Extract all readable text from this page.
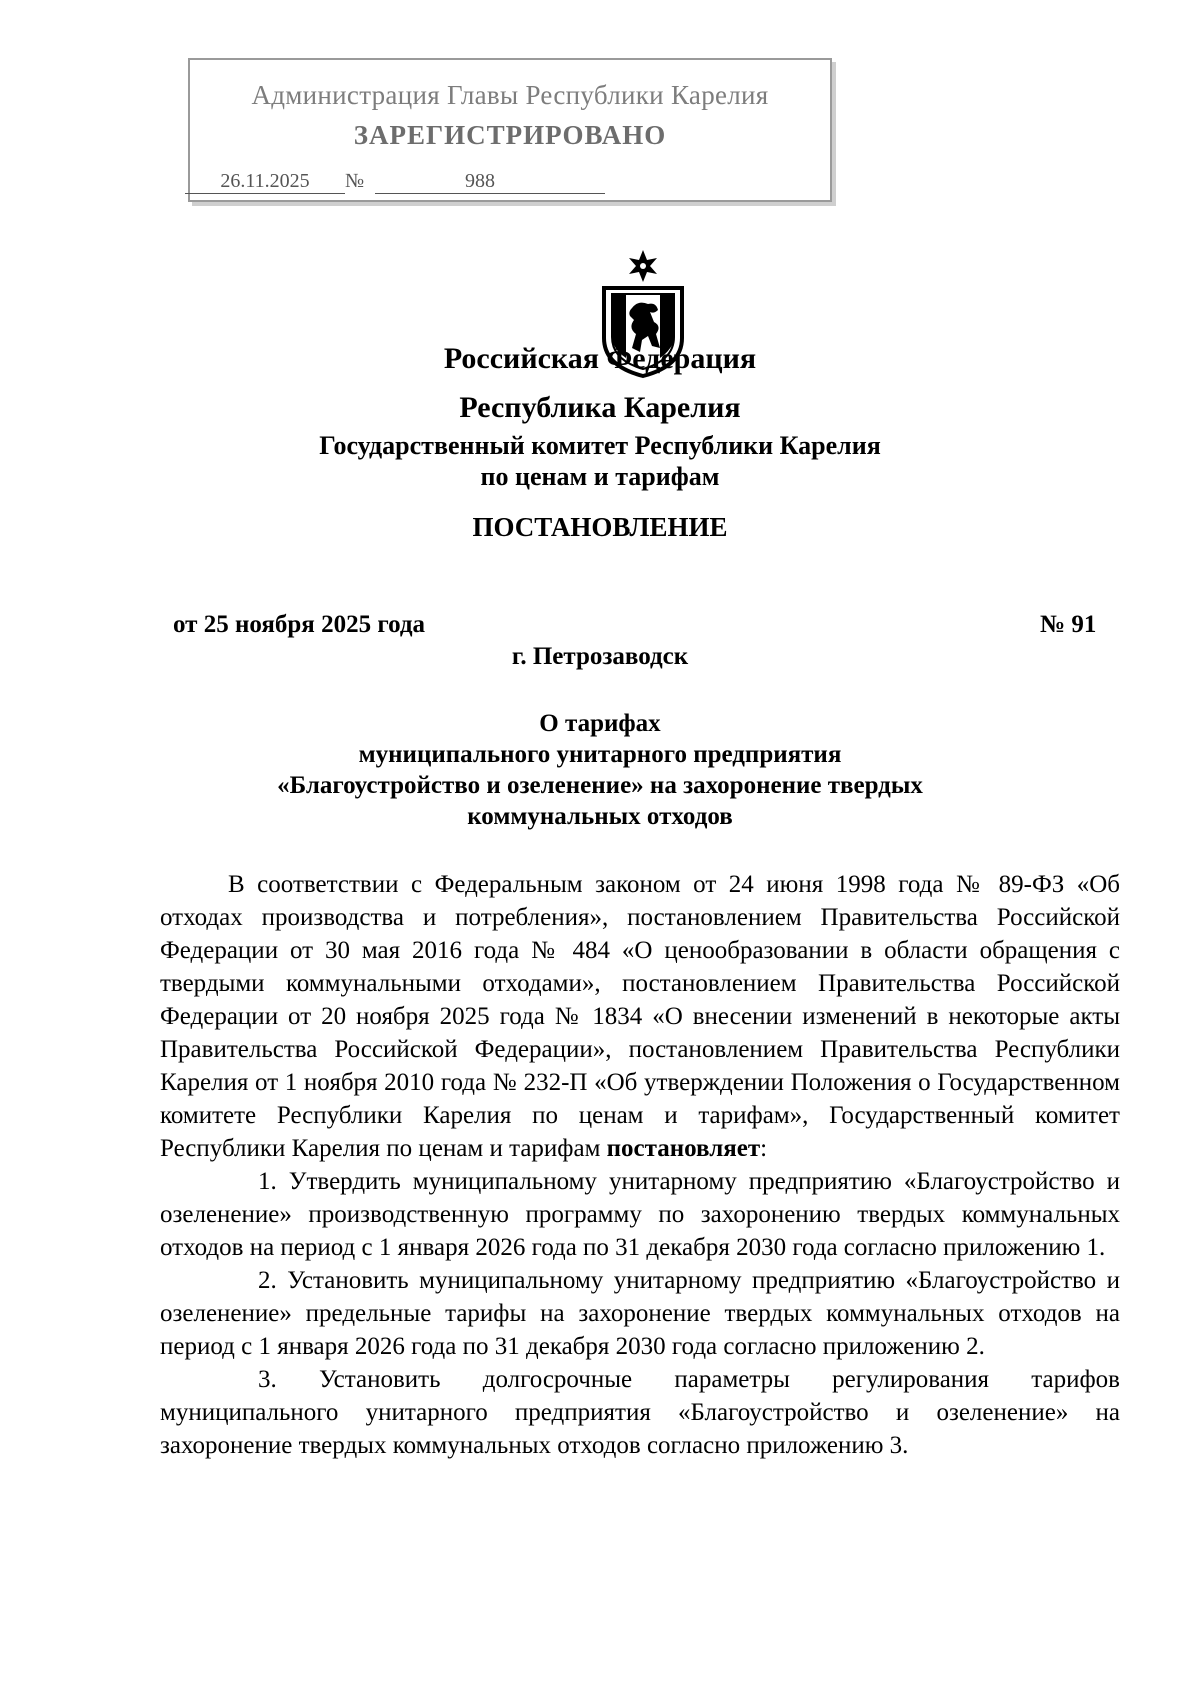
Администрация Главы Республики Карелия
ЗАРЕГИСТРИРОВАНО
26.11.2025 №	988
Российская Федерация
Республика Карелия
Государственный комитет Республики Карелия
по ценам и тарифам
ПОСТАНОВЛЕНИЕ
от 25 ноября 2025 года	№ 91
г. Петрозаводск
О тарифах
муниципального унитарного предприятия
«Благоустройство и озеленение» на захоронение твердых
коммунальных отходов

В соответствии с Федеральным законом от 24 июня 1998 года № 89-ФЗ «Об отходах производства и потребления», постановлением Правительства Российской Федерации от 30 мая 2016 года № 484 «О ценообразовании в области обращения с твердыми коммунальными отходами», постановлением Правительства Российской Федерации от 20 ноября 2025 года № 1834 «О внесении изменений в некоторые акты Правительства Российской Федерации», постановлением Правительства Республики Карелия от 1 ноября 2010 года № 232-П «Об утверждении Положения о Государственном комитете Республики Карелия по ценам и тарифам», Государственный комитет Республики Карелия по ценам и тарифам постановляет:

1. Утвердить муниципальному унитарному предприятию «Благоустройство и озеленение» производственную программу по захоронению твердых коммунальных отходов на период с 1 января 2026 года по 31 декабря 2030 года согласно приложению 1.

2. Установить муниципальному унитарному предприятию «Благоустройство и озеленение» предельные тарифы на захоронение твердых коммунальных отходов на период с 1 января 2026 года по 31 декабря 2030 года согласно приложению 2.

3. Установить долгосрочные параметры регулирования тарифов муниципального унитарного предприятия «Благоустройство и озеленение» на захоронение твердых коммунальных отходов согласно приложению 3.
